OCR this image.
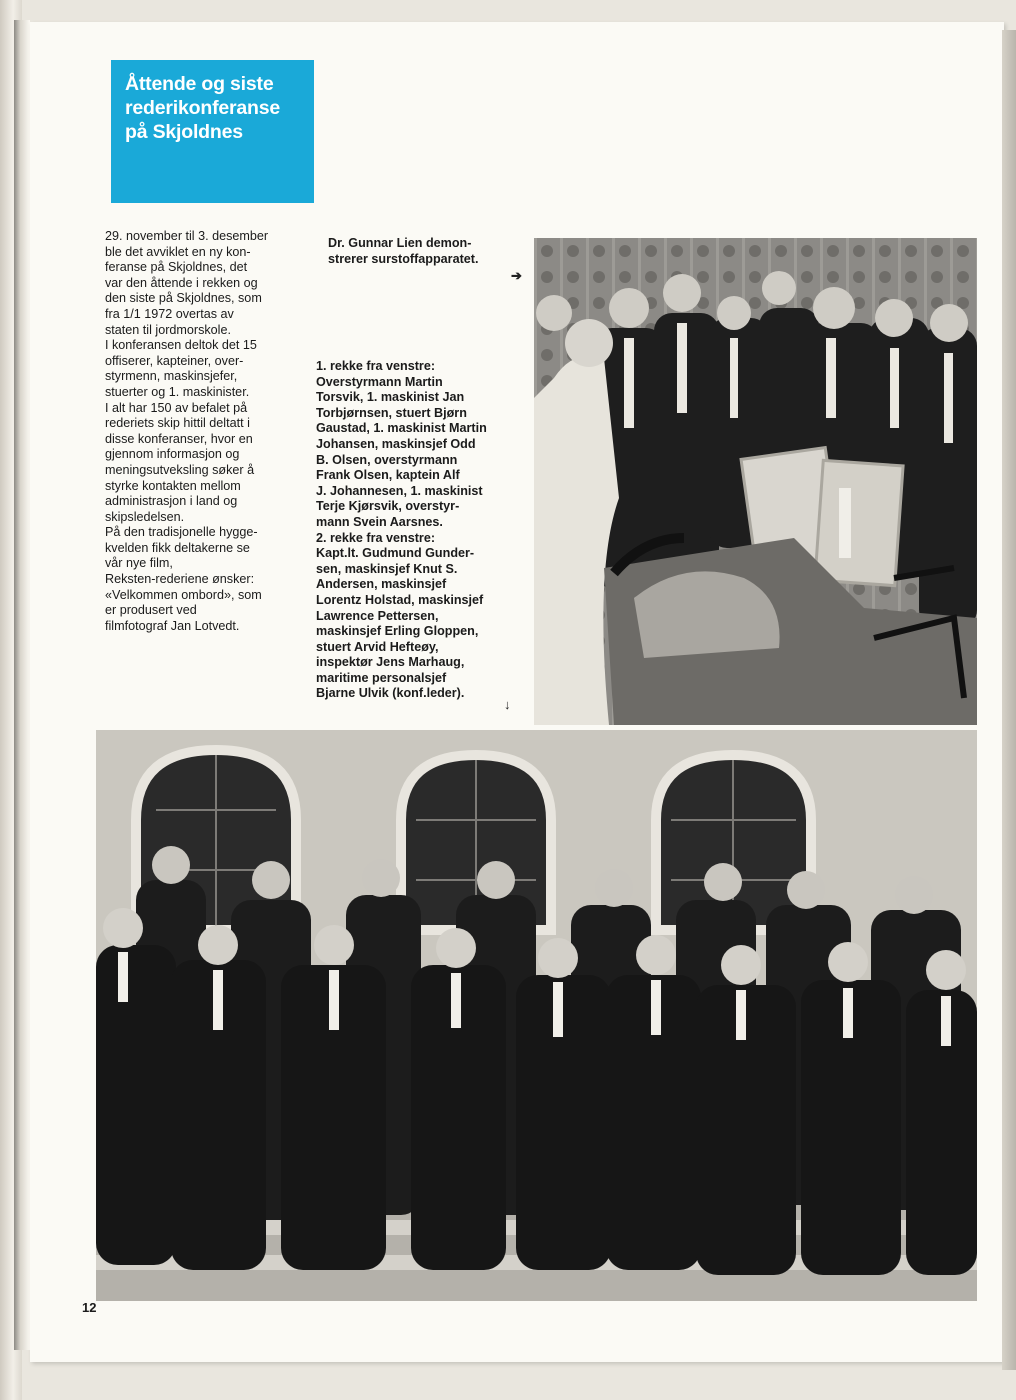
Åttende og siste
rederikonferanse
på Skjoldnes

29. november til 3. desember

ble det avviklet en ny kon-

feranse på Skjoldnes, det

var den åttende i rekken og

den siste på Skjoldnes, som

fra 1/1 1972 overtas av

staten til jordmorskole.

I konferansen deltok det 15

offiserer, kapteiner, over-

styrmenn, maskinsjefer,

stuerter og 1. maskinister.

I alt har 150 av befalet på

rederiets skip hittil deltatt i

disse konferanser, hvor en

gjennom informasjon og

meningsutveksling søker å

styrke kontakten mellom

administrasjon i land og

skipsledelsen.

På den tradisjonelle hygge-

kvelden fikk deltakerne se

vår nye film,

Reksten-rederiene ønsker:

«Velkommen ombord», som

er produsert ved

filmfotograf Jan Lotvedt.

Dr. Gunnar Lien demon-
strerer surstoffapparatet.
➔

1. rekke fra venstre:

Overstyrmann Martin

Torsvik, 1. maskinist Jan

Torbjørnsen, stuert Bjørn

Gaustad, 1. maskinist Martin

Johansen, maskinsjef Odd

B. Olsen, overstyrmann

Frank Olsen, kaptein Alf

J. Johannesen, 1. maskinist

Terje Kjørsvik, overstyr-

mann Svein Aarsnes.

2. rekke fra venstre:

Kapt.lt. Gudmund Gunder-

sen, maskinsjef Knut S.

Andersen, maskinsjef

Lorentz Holstad, maskinsjef

Lawrence Pettersen,

maskinsjef Erling Gloppen,

stuert Arvid Hefteøy,

inspektør Jens Marhaug,

maritime personalsjef

Bjarne Ulvik (konf.leder).

↓
12
